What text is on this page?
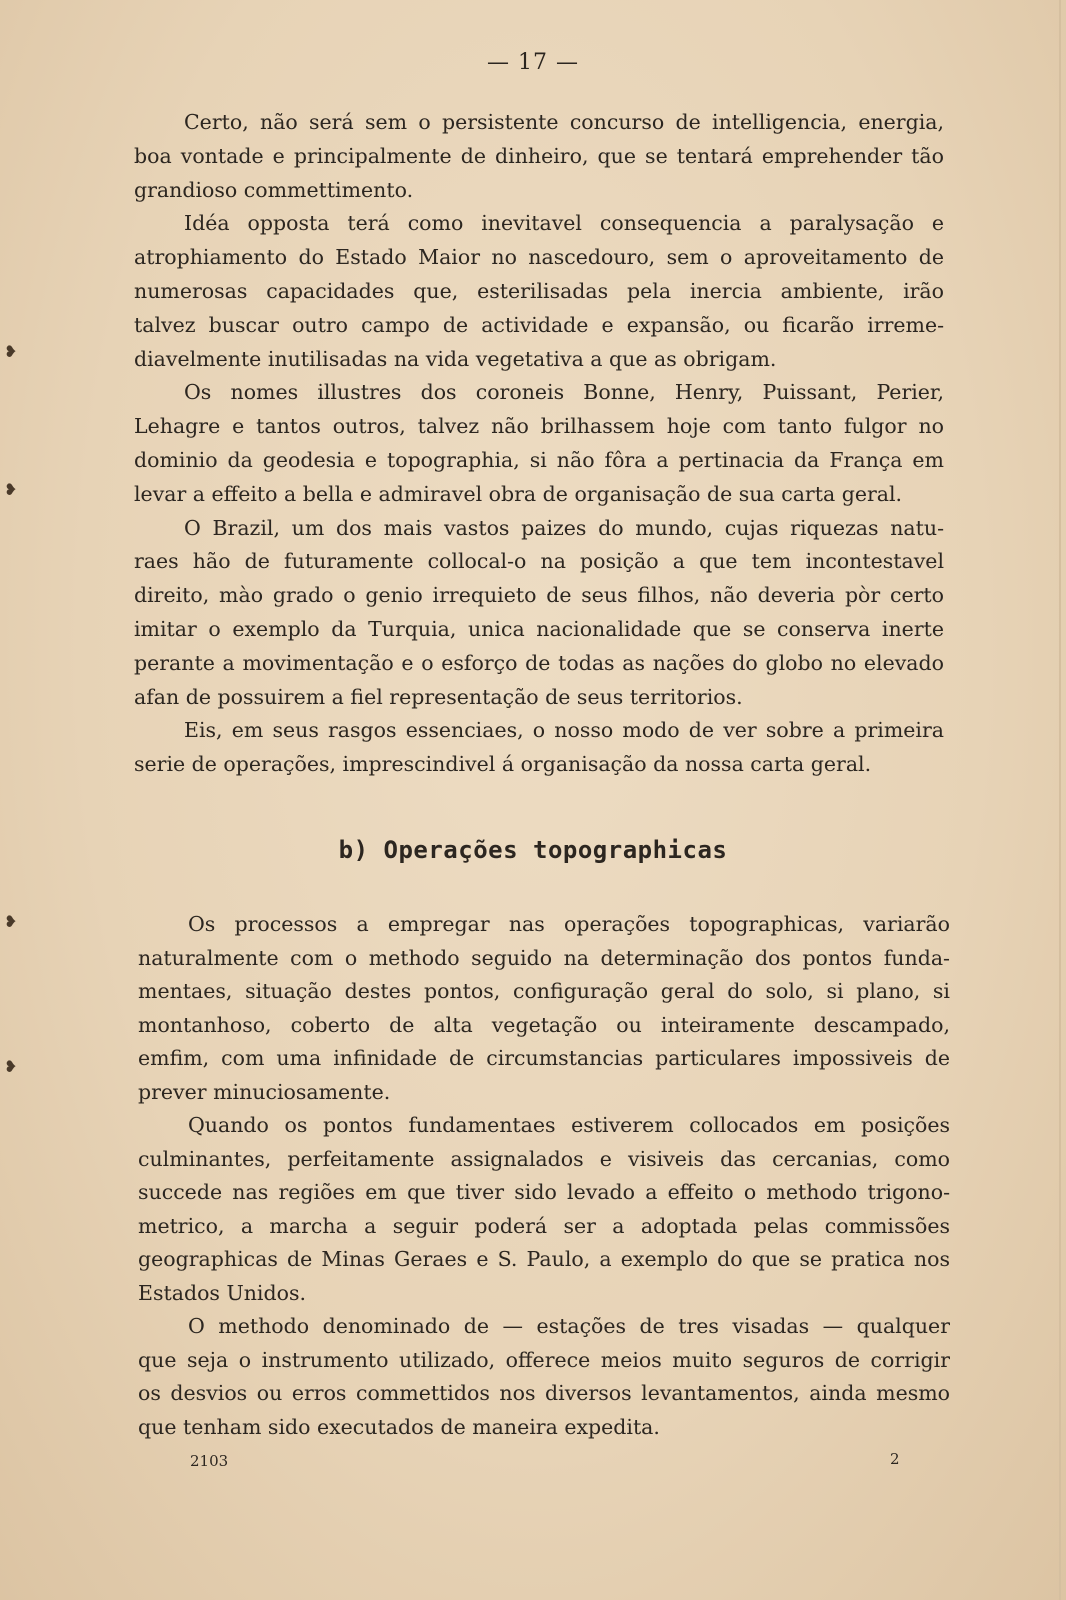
— 17 —
Certo, não será sem o persistente concurso de intelligencia, energia,
boa vontade e principalmente de dinheiro, que se tentará emprehender tão
grandioso commettimento.
Idéa opposta terá como inevitavel consequencia a paralysação e
atrophiamento do Estado Maior no nascedouro, sem o aproveitamento de
numerosas capacidades que, esterilisadas pela inercia ambiente, irão
talvez buscar outro campo de actividade e expansão, ou ficarão irreme-
diavelmente inutilisadas na vida vegetativa a que as obrigam.
Os nomes illustres dos coroneis Bonne, Henry, Puissant, Perier,
Lehagre e tantos outros, talvez não brilhassem hoje com tanto fulgor no
dominio da geodesia e topographia, si não fôra a pertinacia da França em
levar a effeito a bella e admiravel obra de organisação de sua carta geral.
O Brazil, um dos mais vastos paizes do mundo, cujas riquezas natu-
raes hão de futuramente collocal-o na posição a que tem incontestavel
direito, mào grado o genio irrequieto de seus filhos, não deveria pòr certo
imitar o exemplo da Turquia, unica nacionalidade que se conserva inerte
perante a movimentação e o esforço de todas as nações do globo no elevado
afan de possuirem a fiel representação de seus territorios.
Eis, em seus rasgos essenciaes, o nosso modo de ver sobre a primeira
serie de operações, imprescindivel á organisação da nossa carta geral.
b) Operações topographicas
Os processos a empregar nas operações topographicas, variarão
naturalmente com o methodo seguido na determinação dos pontos funda-
mentaes, situação destes pontos, configuração geral do solo, si plano, si
montanhoso, coberto de alta vegetação ou inteiramente descampado,
emfim, com uma infinidade de circumstancias particulares impossiveis de
prever minuciosamente.
Quando os pontos fundamentaes estiverem collocados em posições
culminantes, perfeitamente assignalados e visiveis das cercanias, como
succede nas regiões em que tiver sido levado a effeito o methodo trigono-
metrico, a marcha a seguir poderá ser a adoptada pelas commissões
geographicas de Minas Geraes e S. Paulo, a exemplo do que se pratica nos
Estados Unidos.
O methodo denominado de — estações de tres visadas — qualquer
que seja o instrumento utilizado, offerece meios muito seguros de corrigir
os desvios ou erros commettidos nos diversos levantamentos, ainda mesmo
que tenham sido executados de maneira expedita.
2103	2
❥
❥
❥
❥
